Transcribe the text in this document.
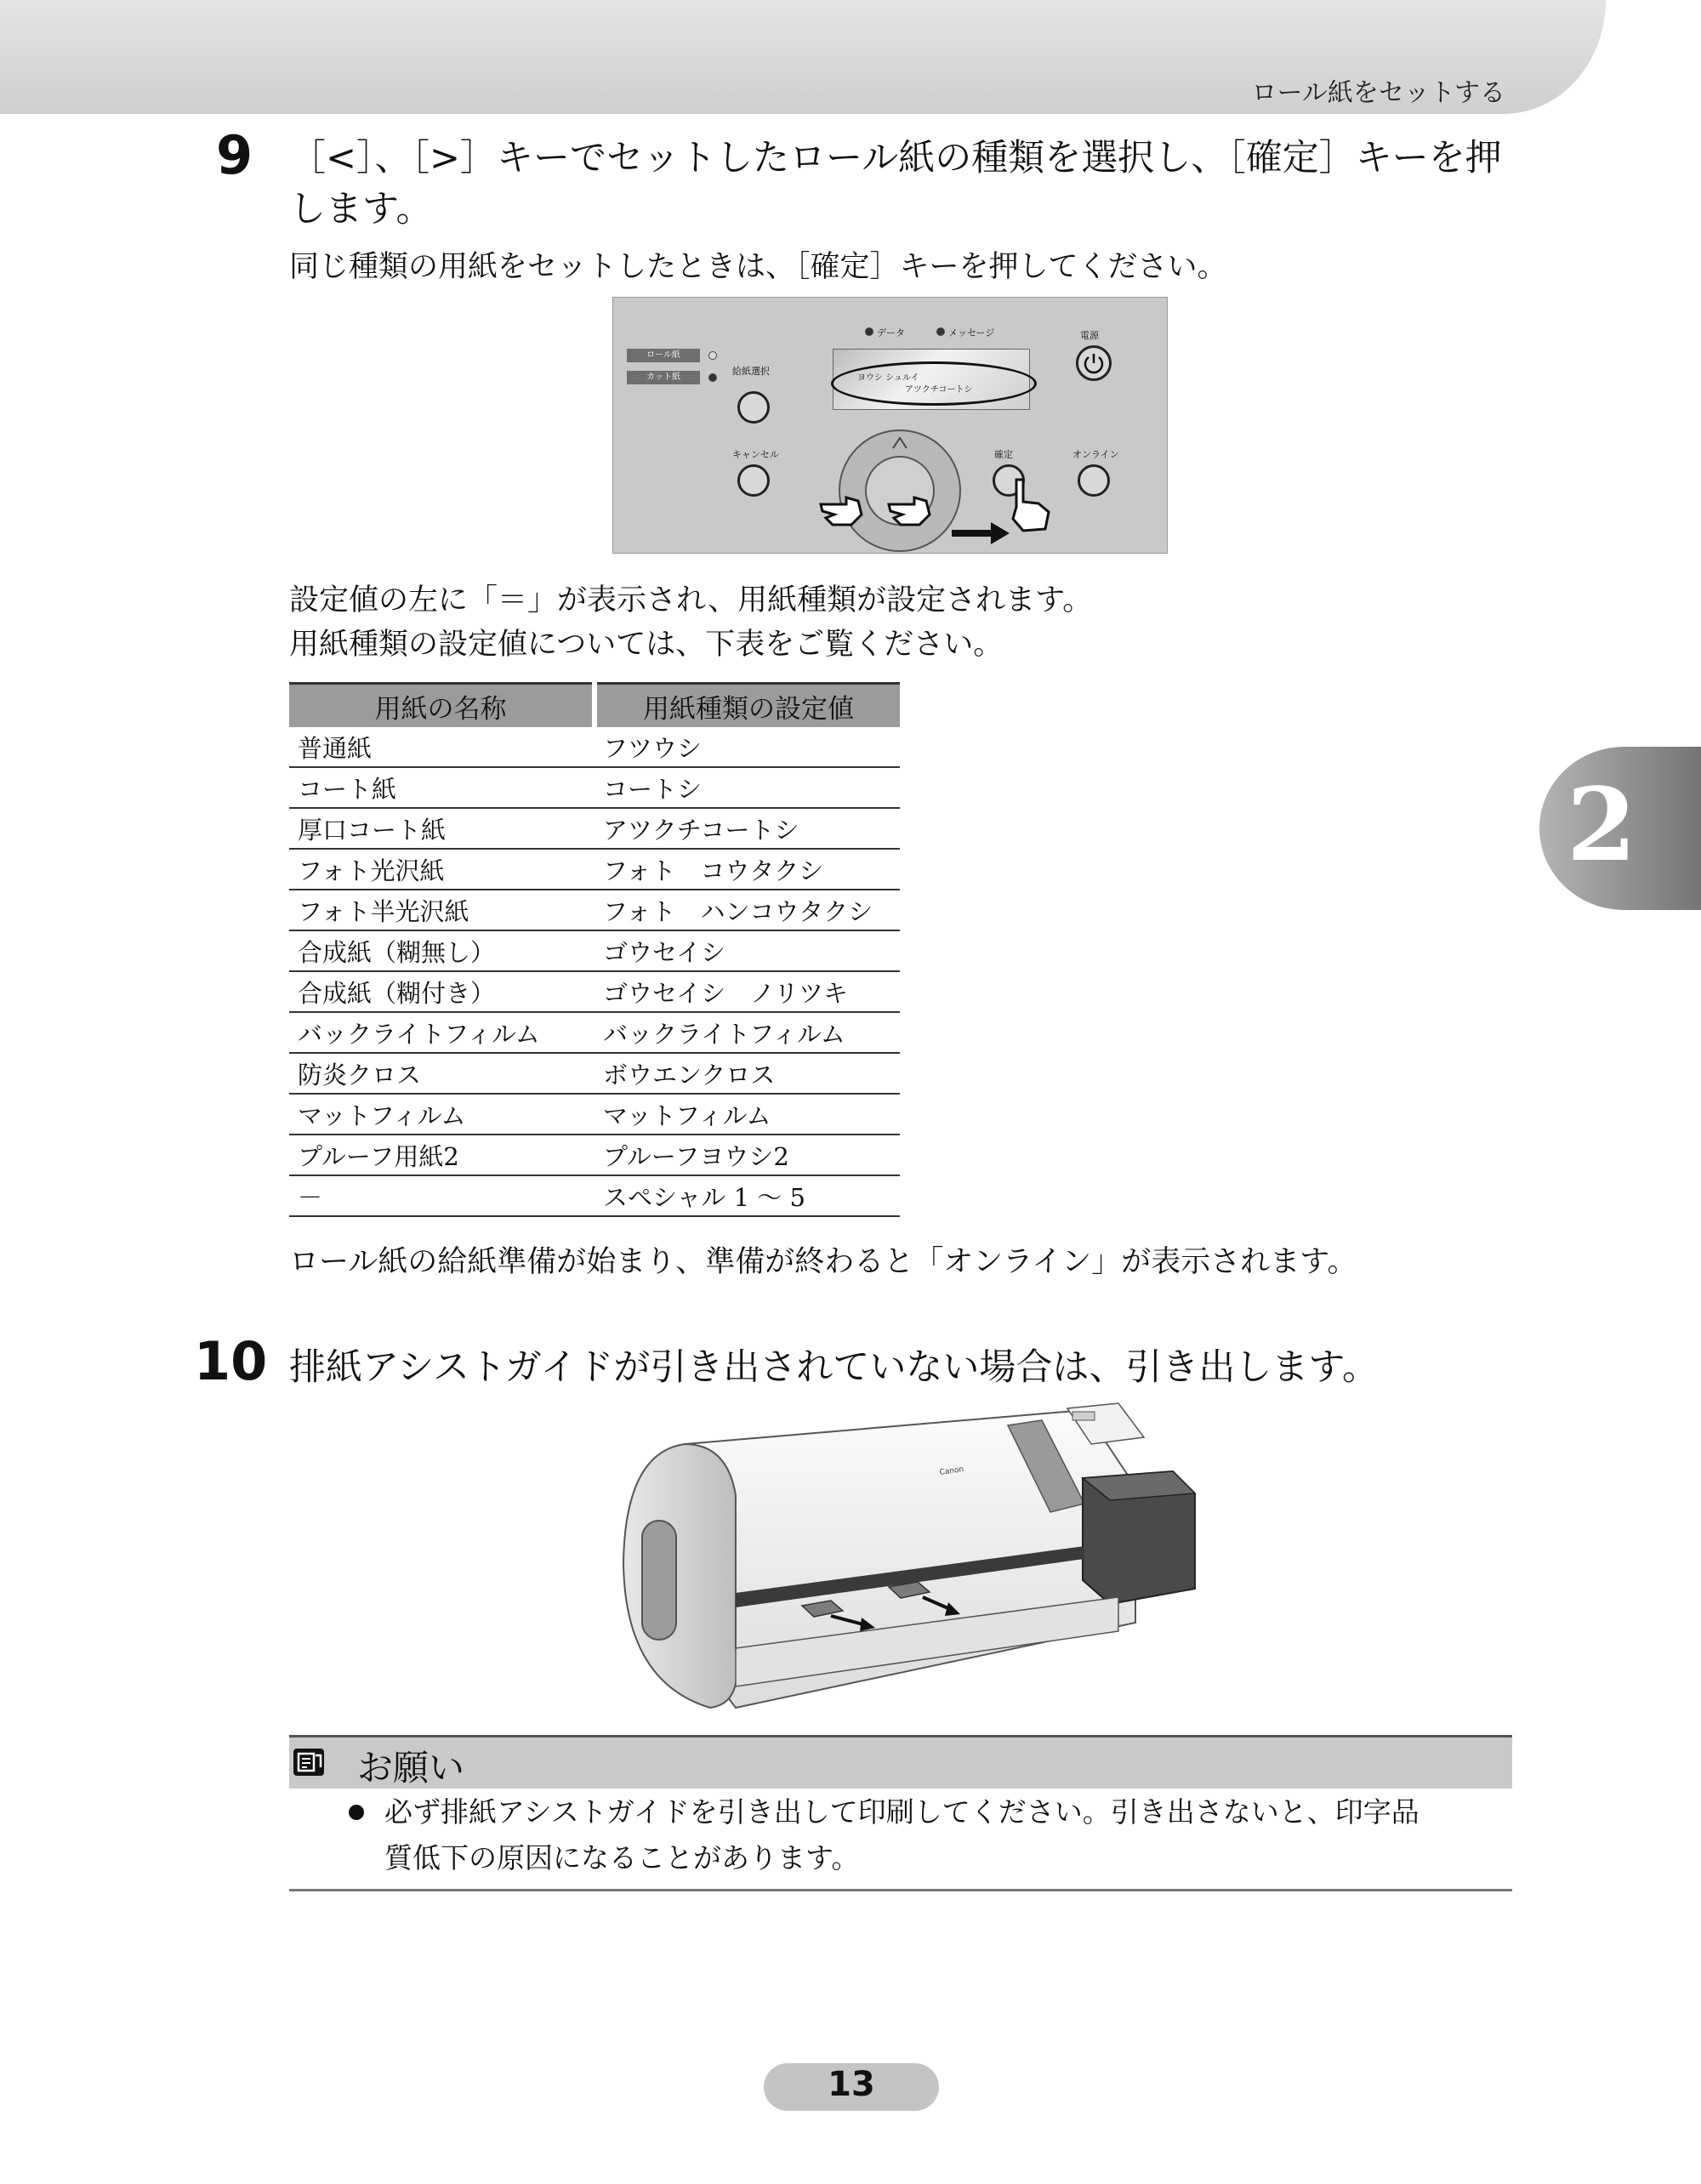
ロール紙をセットする
2
9 ［<］、［>］キーでセットしたロール紙の種類を選択し、［確定］キーを押
します。
同じ種類の用紙をセットしたときは、［確定］キーを押してください。
ロール紙
カット紙
給紙選択
データ	メッセージ
ヨウシ シュルイ
アツクチコートシ
電源
キャンセル	確定	オンライン
設定値の左に「＝」が表示され、用紙種類が設定されます。
用紙種類の設定値については、下表をご覧ください。
用紙の名称	用紙種類の設定値
普通紙	フツウシ
コート紙	コートシ
厚口コート紙	アツクチコートシ
フォト光沢紙	フォト　コウタクシ
フォト半光沢紙	フォト　ハンコウタクシ
合成紙（糊無し）	ゴウセイシ
合成紙（糊付き）	ゴウセイシ　ノリツキ
バックライトフィルム	バックライトフィルム
防炎クロス	ボウエンクロス
マットフィルム	マットフィルム
プルーフ用紙2	プルーフヨウシ2
－	スペシャル 1 ～ 5
ロール紙の給紙準備が始まり、準備が終わると「オンライン」が表示されます。
10 排紙アシストガイドが引き出されていない場合は、引き出します。
Canon
お願い
必ず排紙アシストガイドを引き出して印刷してください。引き出さないと、印字品
質低下の原因になることがあります。
13
